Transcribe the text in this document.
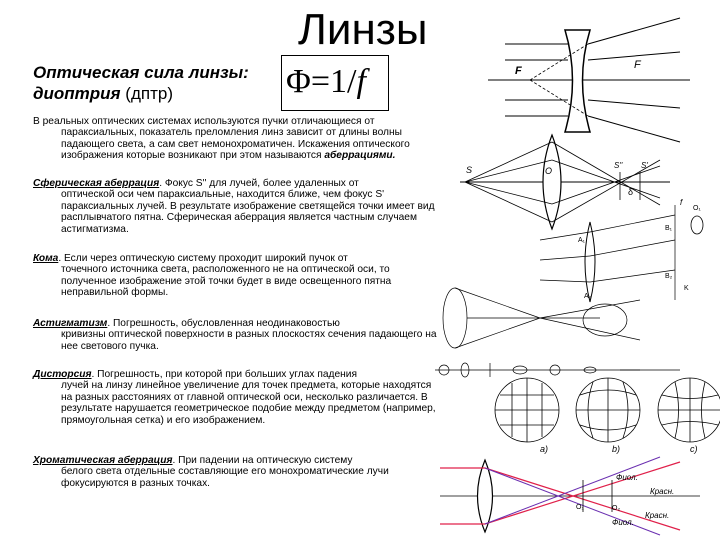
Линзы
Оптическая сила линзы:
диоптрия (дптр)	Φ=1/f
В реальных оптических системах используются пучки отличающиеся от
параксиальных, показатель преломления линз зависит от длины волны падающего света, а сам свет немонохроматичен. Искажения оптического изображения которые возникают при этом называются аберрациями.
Сферическая аберрация. Фокус S'' для лучей, более удаленных от
оптической оси чем параксиальные, находится ближе, чем фокус S' параксиальных лучей. В результате изображение светящейся точки имеет вид расплывчатого пятна. Сферическая аберрация является частным случаем астигматизма.
Кома. Если через оптическую систему проходит широкий пучок от
точечного источника света, расположенного не на оптической оси, то полученное изображение этой точки будет в виде освещенного пятна неправильной формы.
Астигматизм. Погрешность, обусловленная неодинаковостью
кривизны оптической поверхности в разных плоскостях сечения падающего на нее светового пучка.
Дисторсия. Погрешность, при которой при больших углах падения
лучей на линзу линейное увеличение для точек предмета, которые находятся на разных расстояниях от главной оптической оси, несколько различается. В результате нарушается геометрическое подобие между предметом (например, прямоугольная сетка) и его изображением.
Хроматическая аберрация. При падении на оптическую систему
белого света отдельные составляющие его монохроматические лучи фокусируются в разных точках.
F	F
S	O
S'' S'
δ
f
O₁
A₁
A₂
B₁
B₂
K
а)	b)	c)
Фиол.
Красн.
O₁	O₂
Фиол.
Красн.
